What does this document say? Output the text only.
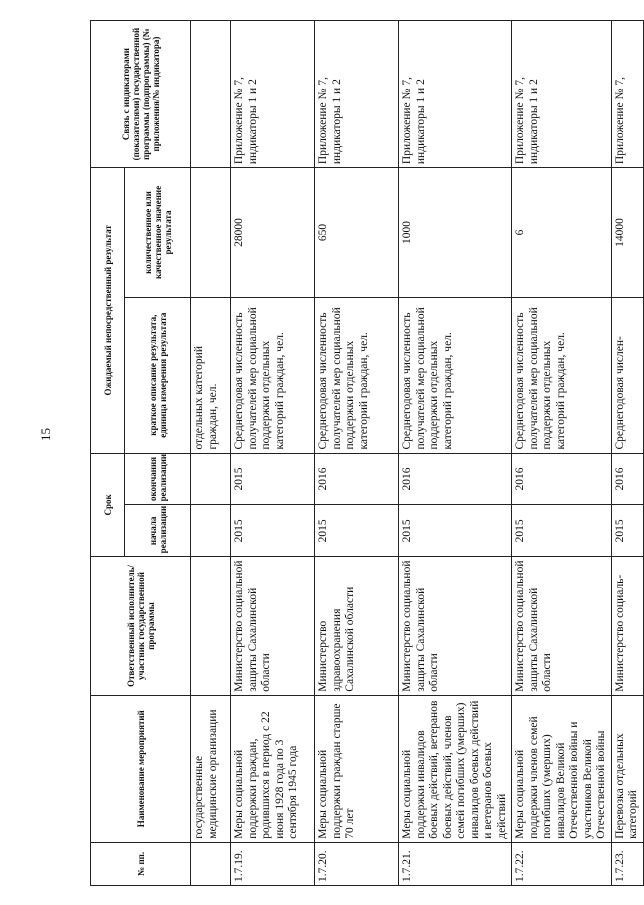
15
№ пп.	Наименование мероприятий	Ответственный исполнитель/участник государственной программы	Срок		Ожидаемый непосредственный результат		Связь с индикаторами (показателями) государственной программы (подпрограммы) (№ приложения/№ индикатора)
			начала реализации	окончания реализации	краткое описание результата, единица измерения результата	количественное или качественное значение результата	
	государственные медицинские организации				отдельных категорий граждан, чел.		
1.7.19.	Меры социальной поддержки граждан, родившихся в период с 22 июня 1928 года по 3 сентября 1945 года	Министерство социальной защиты Сахалинской области	2015	2015	Среднегодовая численность получателей мер социальной поддержки отдельных категорий граждан, чел.	28000	Приложение № 7, индикаторы 1 и 2
1.7.20.	Меры социальной поддержки граждан старше 70 лет	Министерство здравоохранения Сахалинской области	2015	2016	Среднегодовая численность получателей мер социальной поддержки отдельных категорий граждан, чел.	650	Приложение № 7, индикаторы 1 и 2
1.7.21.	Меры социальной поддержки инвалидов боевых действий, ветеранов боевых действий, членов семей погибших (умерших) инвалидов боевых действий и ветеранов боевых действий	Министерство социальной защиты Сахалинской области	2015	2016	Среднегодовая численность получателей мер социальной поддержки отдельных категорий граждан, чел.	1000	Приложение № 7, индикаторы 1 и 2
1.7.22.	Меры социальной поддержки членов семей погибших (умерших) инвалидов Великой Отечественной войны и участников Великой Отечественной войны	Министерство социальной защиты Сахалинской области	2015	2016	Среднегодовая численность получателей мер социальной поддержки отдельных категорий граждан, чел.	6	Приложение № 7, индикаторы 1 и 2
1.7.23.	Перевозка отдельных категорий	Министерство социаль-	2015	2016	Среднегодовая числен-	14000	Приложение № 7,
